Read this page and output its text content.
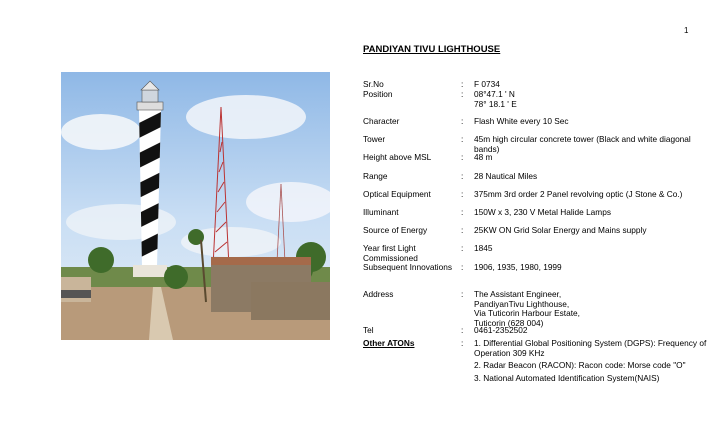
1
PANDIYAN TIVU LIGHTHOUSE
Sr.No	: F 0734
Position	: 08°47.1 ' N
78° 18.1 ' E
Character	: Flash White every 10 Sec
Tower	: 45m high circular concrete tower (Black and white diagonal bands)
Height above MSL	: 48 m
Range	: 28 Nautical Miles
Optical Equipment	: 375mm 3rd order 2 Panel revolving optic (J Stone & Co.)
Illuminant	: 150W x 3, 230 V Metal Halide Lamps
Source of Energy	: 25KW ON Grid Solar Energy and Mains supply
Year first Light Commissioned
: 1845
Subsequent Innovations	: 1906, 1935, 1980, 1999
Address	: The Assistant Engineer,
PandiyanTivu Lighthouse,
Via Tuticorin Harbour Estate,
Tuticorin (628 004)
Tel	: 0461-2352502
Other ATONs	: 1. Differential Global Positioning System (DGPS): Frequency of Operation 309 KHz
2. Radar Beacon (RACON): Racon code: Morse code "O"
3. National Automated Identification System(NAIS)
